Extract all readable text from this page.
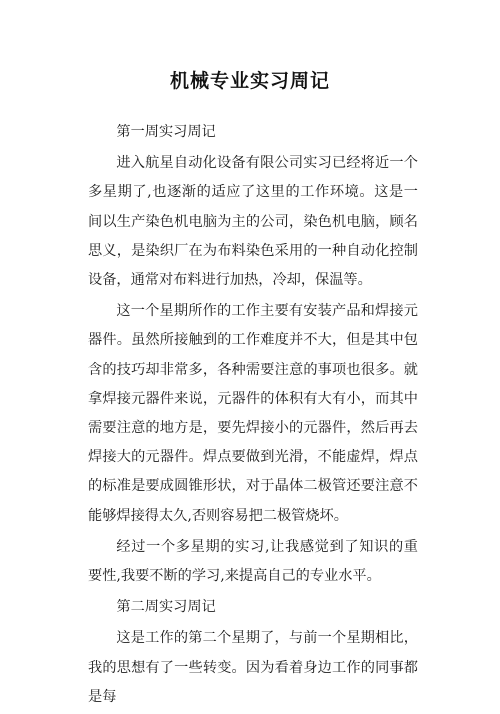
机械专业实习周记

第一周实习周记

进入航星自动化设备有限公司实习已经将近一个多星期了,也逐渐的适应了这里的工作环境。这是一间以生产染色机电脑为主的公司，染色机电脑，顾名思义，是染织厂在为布料染色采用的一种自动化控制设备，通常对布料进行加热，冷却，保温等。

这一个星期所作的工作主要有安装产品和焊接元器件。虽然所接触到的工作难度并不大，但是其中包含的技巧却非常多，各种需要注意的事项也很多。就拿焊接元器件来说，元器件的体积有大有小，而其中需要注意的地方是，要先焊接小的元器件，然后再去焊接大的元器件。焊点要做到光滑，不能虚焊，焊点的标准是要成圆锥形状，对于晶体二极管还要注意不能够焊接得太久,否则容易把二极管烧坏。

经过一个多星期的实习,让我感觉到了知识的重要性,我要不断的学习,来提高自己的专业水平。

第二周实习周记

这是工作的第二个星期了，与前一个星期相比，我的思想有了一些转变。因为看着身边工作的同事都是每
